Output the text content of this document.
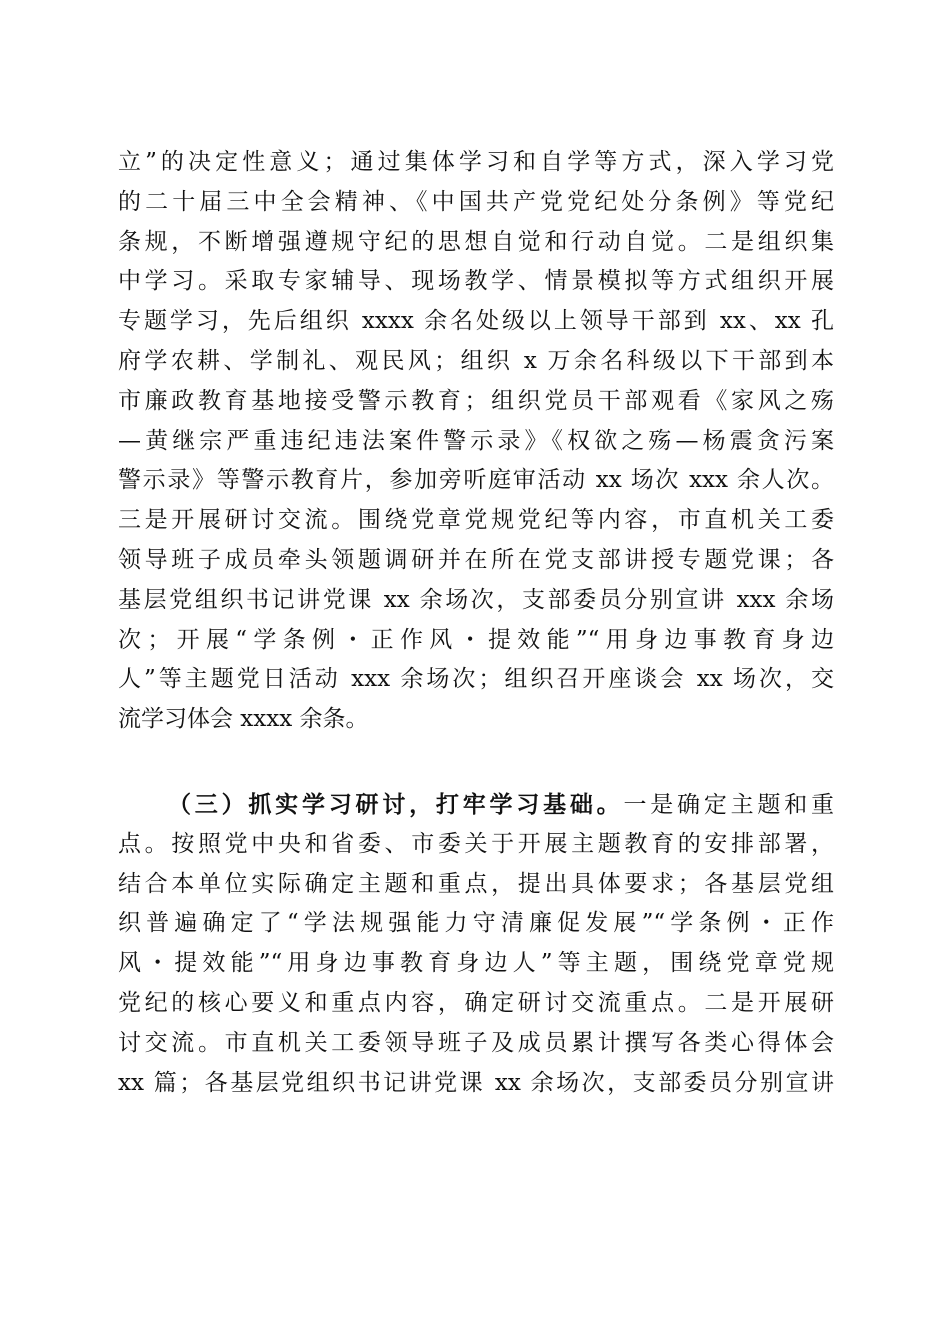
立”的决定性意义；通过集体学习和自学等方式，深入学习党
的二十届三中全会精神、《中国共产党党纪处分条例》等党纪
条规，不断增强遵规守纪的思想自觉和行动自觉。二是组织集
中学习。采取专家辅导、现场教学、情景模拟等方式组织开展
专题学习，先后组织 xxxx 余名处级以上领导干部到 xx、xx 孔
府学农耕、学制礼、观民风；组织 x 万余名科级以下干部到本
市廉政教育基地接受警示教育；组织党员干部观看《家风之殇
—黄继宗严重违纪违法案件警示录》《权欲之殇—杨震贪污案
警示录》等警示教育片，参加旁听庭审活动 xx 场次 xxx 余人次。
三是开展研讨交流。围绕党章党规党纪等内容，市直机关工委
领导班子成员牵头领题调研并在所在党支部讲授专题党课；各
基层党组织书记讲党课 xx 余场次，支部委员分别宣讲 xxx 余场
次；开展“学条例・正作风・提效能”“用身边事教育身边
人”等主题党日活动 xxx 余场次；组织召开座谈会 xx 场次，交
流学习体会 xxxx 余条。
（三）抓实学习研讨，打牢学习基础。一是确定主题和重
点。按照党中央和省委、市委关于开展主题教育的安排部署，
结合本单位实际确定主题和重点，提出具体要求；各基层党组
织普遍确定了“学法规强能力守清廉促发展”“学条例・正作
风・提效能”“用身边事教育身边人”等主题，围绕党章党规
党纪的核心要义和重点内容，确定研讨交流重点。二是开展研
讨交流。市直机关工委领导班子及成员累计撰写各类心得体会
xx 篇；各基层党组织书记讲党课 xx 余场次，支部委员分别宣讲
